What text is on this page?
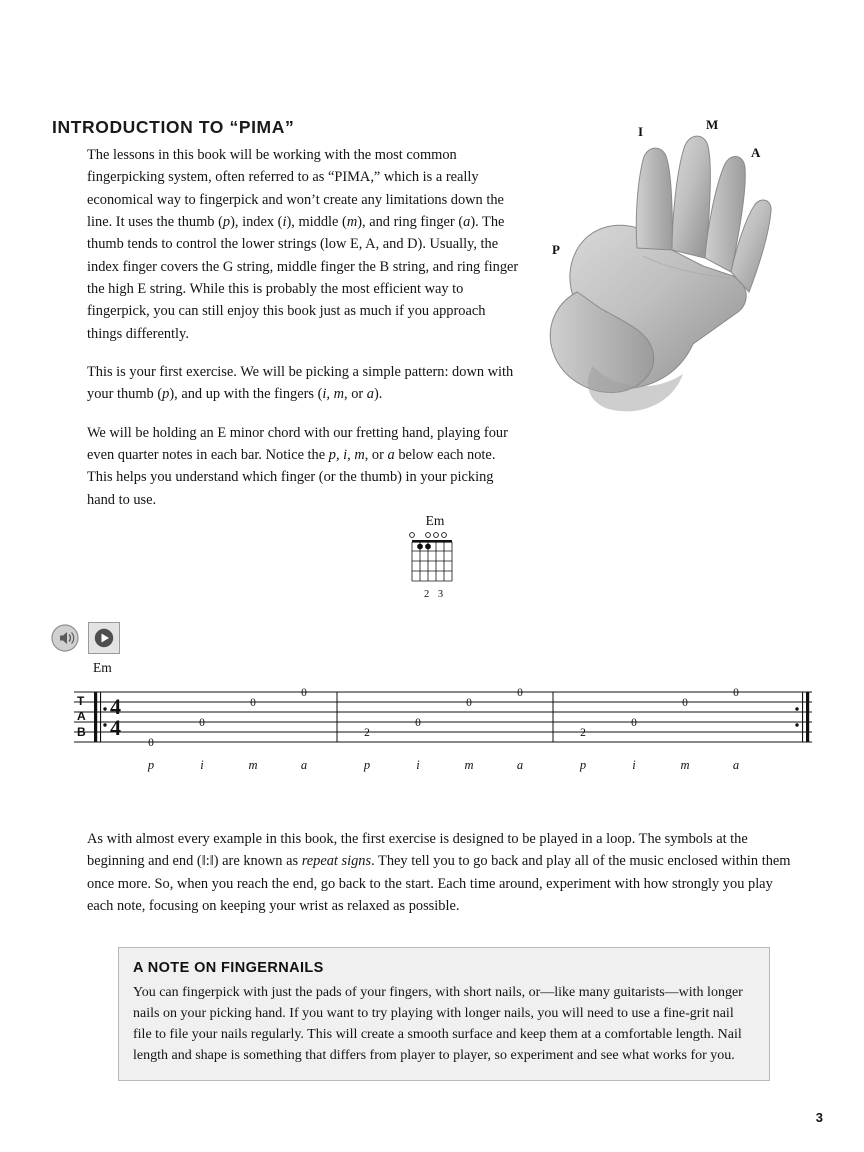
INTRODUCTION TO “PIMA”

The lessons in this book will be working with the most common fingerpicking system, often referred to as “PIMA,” which is a really economical way to fingerpick and won’t create any limitations down the line. It uses the thumb (p), index (i), middle (m), and ring finger (a). The thumb tends to control the lower strings (low E, A, and D). Usually, the index finger covers the G string, middle finger the B string, and ring finger the high E string. While this is probably the most efficient way to fingerpick, you can still enjoy this book just as much if you approach things differently.

This is your first exercise. We will be picking a simple pattern: down with your thumb (p), and up with the fingers (i, m, or a).

We will be holding an E minor chord with our fretting hand, playing four even quarter notes in each bar. Notice the p, i, m, or a below each note. This helps you understand which finger (or the thumb) in your picking hand to use.

I	M
A
P
Em
2 3
Em
T
A
B
4
4
0
0
0
0
2
0
0
0
2
0
0
0
p	i	m	a	p	i	m	a	p	i	m	a
As with almost every example in this book, the first exercise is designed to be played in a loop. The symbols at the beginning and end (‖:‖) are known as repeat signs. They tell you to go back and play all of the music enclosed within them once more. So, when you reach the end, go back to the start. Each time around, experiment with how strongly you play each note, focusing on keeping your wrist as relaxed as possible.
A NOTE ON FINGERNAILS
You can fingerpick with just the pads of your fingers, with short nails, or—like many guitarists—with longer nails on your picking hand. If you want to try playing with longer nails, you will need to use a fine-grit nail file to file your nails regularly. This will create a smooth surface and keep them at a comfortable length. Nail length and shape is something that differs from player to player, so experiment and see what works for you.
3
